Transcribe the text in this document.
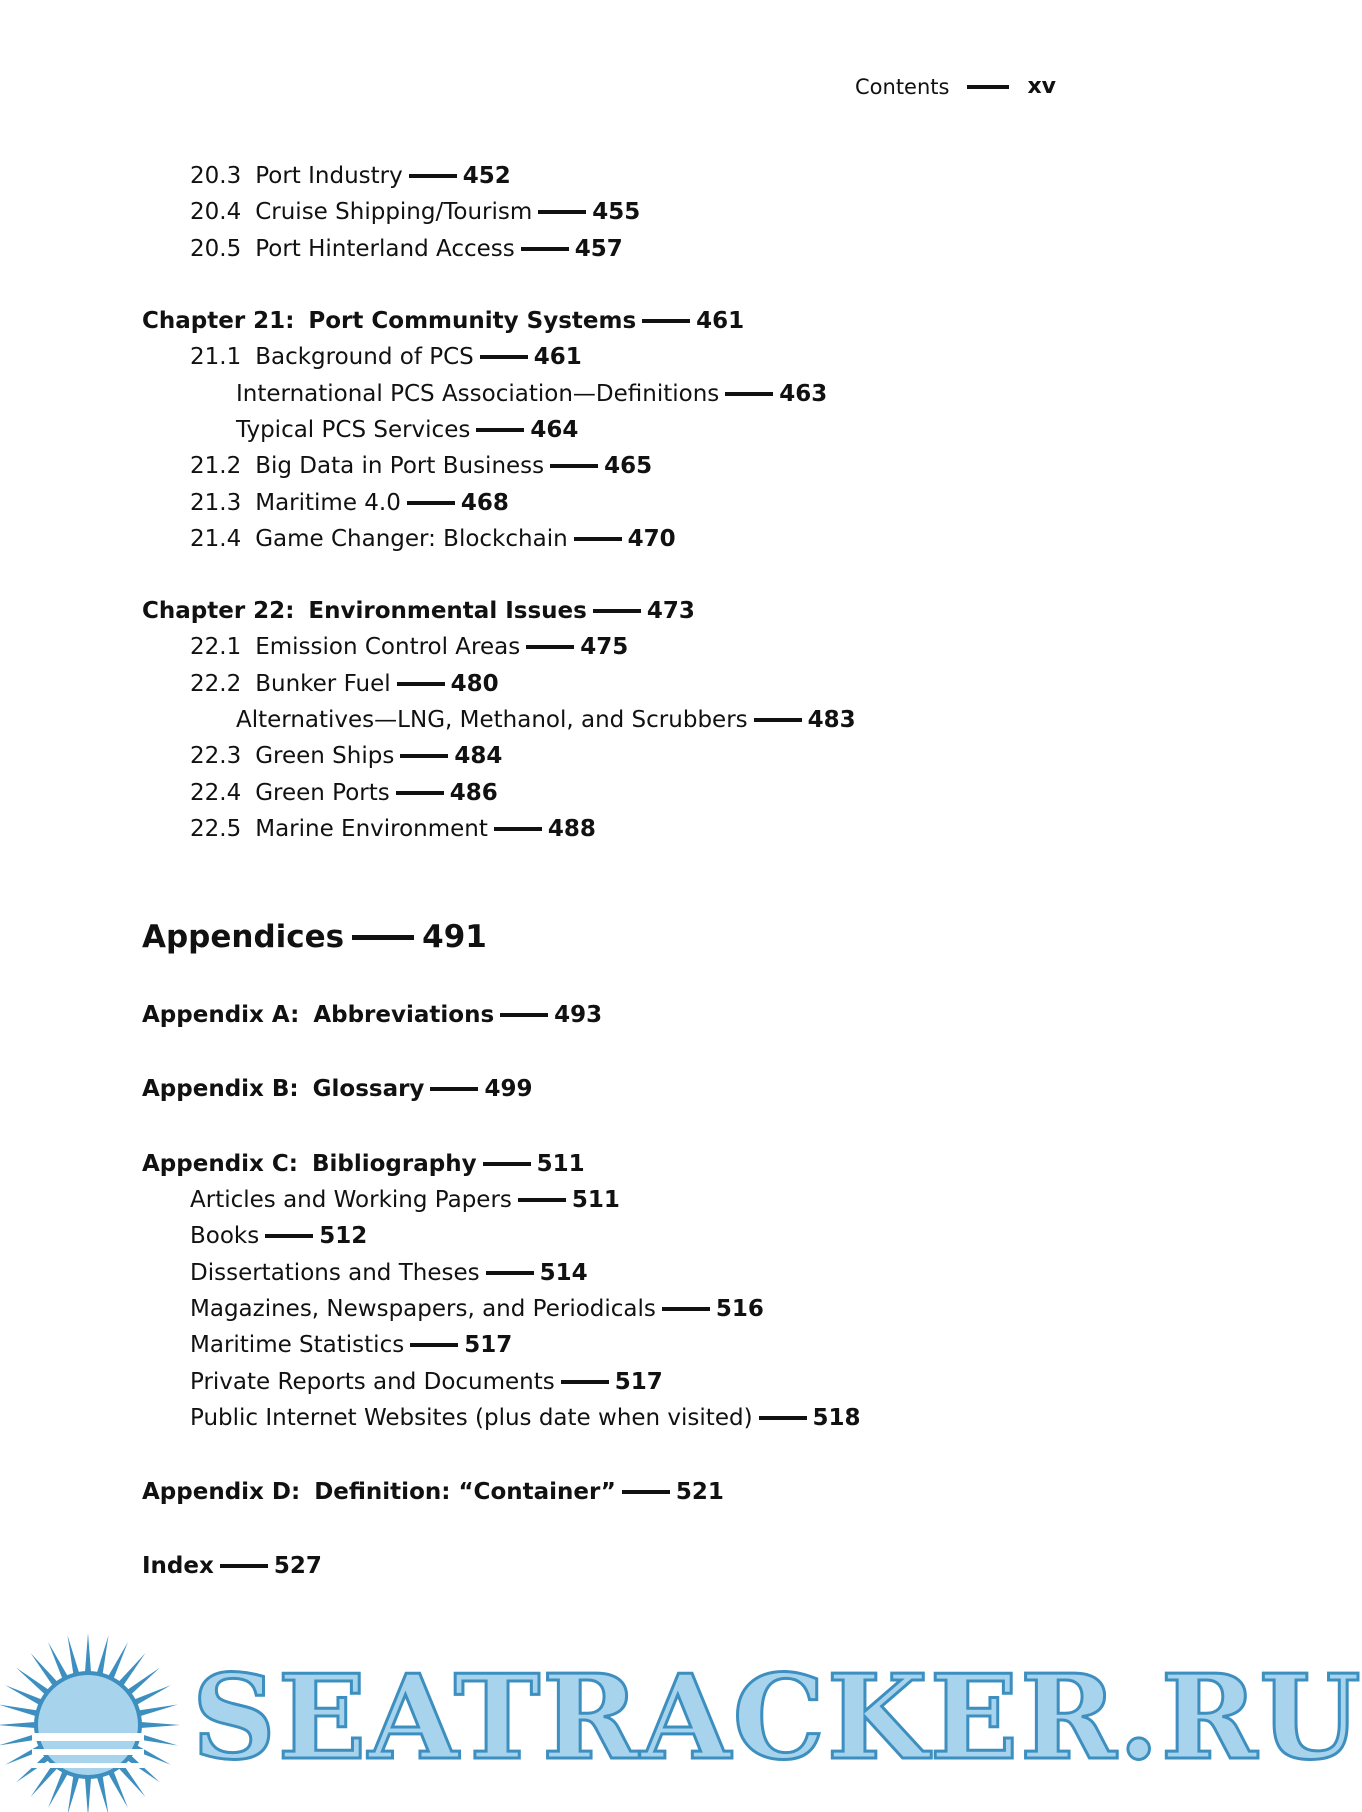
Contents	xv
20.3 Port Industry	452
20.4 Cruise Shipping/Tourism	455
20.5 Port Hinterland Access	457
Chapter 21: Port Community Systems	461
21.1 Background of PCS	461
International PCS Association—Definitions	463
Typical PCS Services	464
21.2 Big Data in Port Business	465
21.3 Maritime 4.0	468
21.4 Game Changer: Blockchain	470
Chapter 22: Environmental Issues	473
22.1 Emission Control Areas	475
22.2 Bunker Fuel	480
Alternatives—LNG, Methanol, and Scrubbers	483
22.3 Green Ships	484
22.4 Green Ports	486
22.5 Marine Environment	488
Appendices	491
Appendix A: Abbreviations	493
Appendix B: Glossary	499
Appendix C: Bibliography	511
Articles and Working Papers	511
Books	512
Dissertations and Theses	514
Magazines, Newspapers, and Periodicals	516
Maritime Statistics	517
Private Reports and Documents	517
Public Internet Websites (plus date when visited)	518
Appendix D: Definition: “Container”	521
Index	527
SEATRACKER.RU
